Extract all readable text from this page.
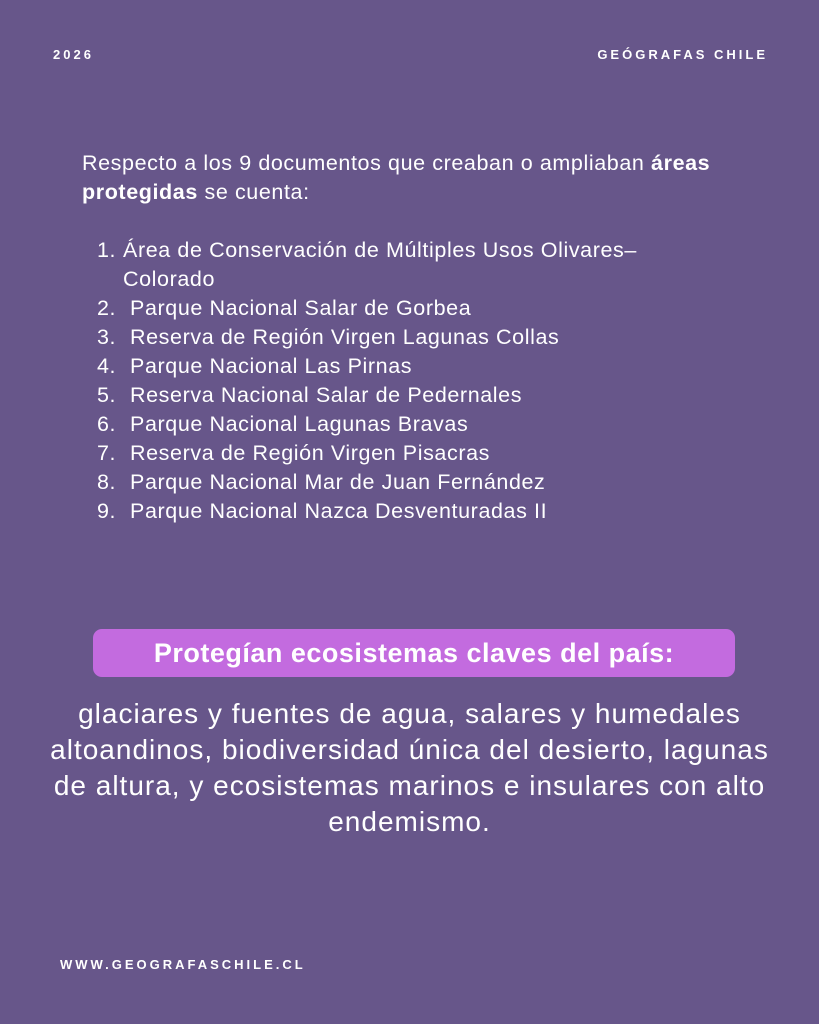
2026	GEÓGRAFAS CHILE

Respecto a los 9 documentos que creaban o ampliaban áreas protegidas se cuenta:

1. Área de Conservación de Múltiples Usos Olivares–Colorado
2. Parque Nacional Salar de Gorbea
3. Reserva de Región Virgen Lagunas Collas
4. Parque Nacional Las Pirnas
5. Reserva Nacional Salar de Pedernales
6. Parque Nacional Lagunas Bravas
7. Reserva de Región Virgen Pisacras
8. Parque Nacional Mar de Juan Fernández
9. Parque Nacional Nazca Desventuradas II
Protegían ecosistemas claves del país:
glaciares y fuentes de agua, salares y humedales altoandinos, biodiversidad única del desierto, lagunas de altura, y ecosistemas marinos e insulares con alto endemismo.
WWW.GEOGRAFASCHILE.CL
